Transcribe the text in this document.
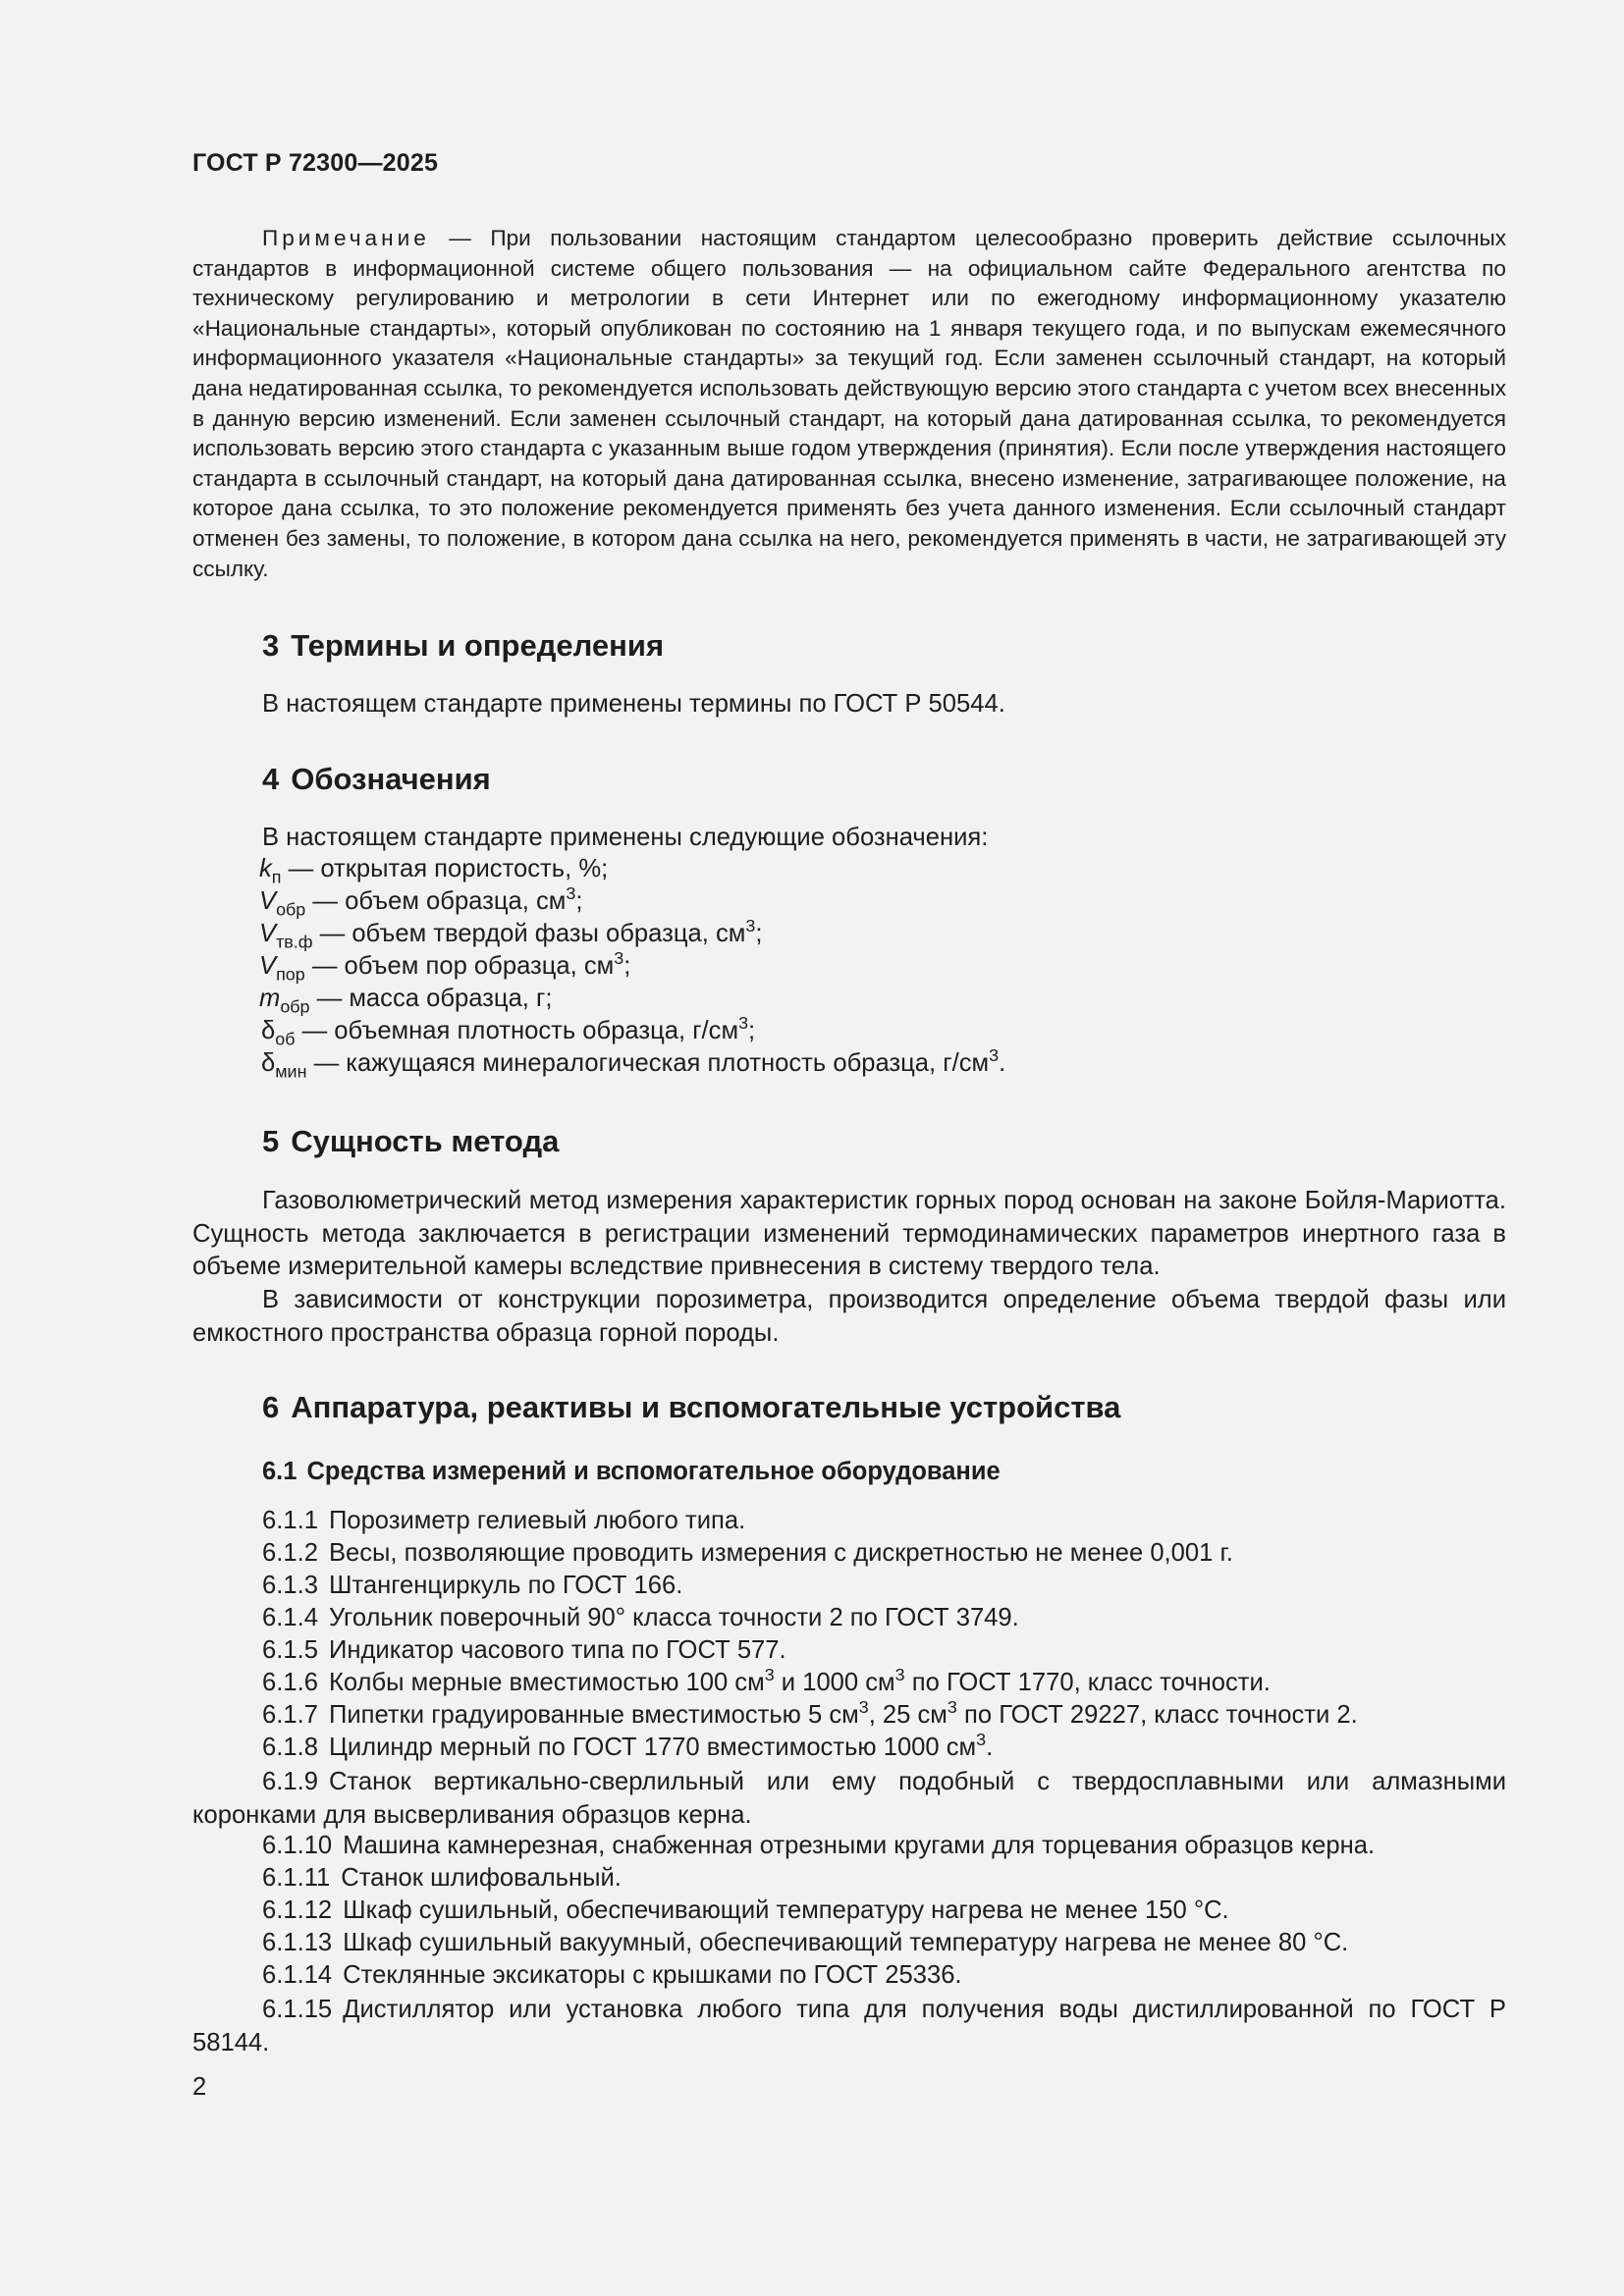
ГОСТ Р 72300—2025
Примечание — При пользовании настоящим стандартом целесообразно проверить действие ссылочных стандартов в информационной системе общего пользования — на официальном сайте Федерального агентства по техническому регулированию и метрологии в сети Интернет или по ежегодному информационному указателю «Национальные стандарты», который опубликован по состоянию на 1 января текущего года, и по выпускам ежемесячного информационного указателя «Национальные стандарты» за текущий год. Если заменен ссылочный стандарт, на который дана недатированная ссылка, то рекомендуется использовать действующую версию этого стандарта с учетом всех внесенных в данную версию изменений. Если заменен ссылочный стандарт, на который дана датированная ссылка, то рекомендуется использовать версию этого стандарта с указанным выше годом утверждения (принятия). Если после утверждения настоящего стандарта в ссылочный стандарт, на который дана датированная ссылка, внесено изменение, затрагивающее положение, на которое дана ссылка, то это положение рекомендуется применять без учета данного изменения. Если ссылочный стандарт отменен без замены, то положение, в котором дана ссылка на него, рекомендуется применять в части, не затрагивающей эту ссылку.
3 Термины и определения
В настоящем стандарте применены термины по ГОСТ Р 50544.
4 Обозначения
В настоящем стандарте применены следующие обозначения:
$k_п$ — открытая пористость, %;
$V_{обр}$ — объем образца, $см^3$;
$V_{тв.ф}$ — объем твердой фазы образца, $см^3$;
$V_{пор}$ — объем пор образца, $см^3$;
$m_{обр}$ — масса образца, г;
$\delta_{об}$ — объемная плотность образца, $г/см^3$;
$\delta_{мин}$ — кажущаяся минералогическая плотность образца, $г/см^3$.
5 Сущность метода
Газоволюметрический метод измерения характеристик горных пород основан на законе Бойля-Мариотта. Сущность метода заключается в регистрации изменений термодинамических параметров инертного газа в объеме измерительной камеры вследствие привнесения в систему твердого тела.
В зависимости от конструкции порозиметра, производится определение объема твердой фазы или емкостного пространства образца горной породы.
6 Аппаратура, реактивы и вспомогательные устройства
6.1 Средства измерений и вспомогательное оборудование
6.1.1 Порозиметр гелиевый любого типа.
6.1.2 Весы, позволяющие проводить измерения с дискретностью не менее 0,001 г.
6.1.3 Штангенциркуль по ГОСТ 166.
6.1.4 Угольник поверочный 90° класса точности 2 по ГОСТ 3749.
6.1.5 Индикатор часового типа по ГОСТ 577.
6.1.6 Колбы мерные вместимостью 100 $см^3$ и 1000 $см^3$ по ГОСТ 1770, класс точности.
6.1.7 Пипетки градуированные вместимостью 5 $см^3$, 25 $см^3$ по ГОСТ 29227, класс точности 2.
6.1.8 Цилиндр мерный по ГОСТ 1770 вместимостью 1000 $см^3$.
6.1.9 Станок вертикально-сверлильный или ему подобный с твердосплавными или алмазными коронками для высверливания образцов керна.
6.1.10 Машина камнерезная, снабженная отрезными кругами для торцевания образцов керна.
6.1.11 Станок шлифовальный.
6.1.12 Шкаф сушильный, обеспечивающий температуру нагрева не менее 150 °С.
6.1.13 Шкаф сушильный вакуумный, обеспечивающий температуру нагрева не менее 80 °С.
6.1.14 Стеклянные эксикаторы с крышками по ГОСТ 25336.
6.1.15 Дистиллятор или установка любого типа для получения воды дистиллированной по ГОСТ Р 58144.
2
